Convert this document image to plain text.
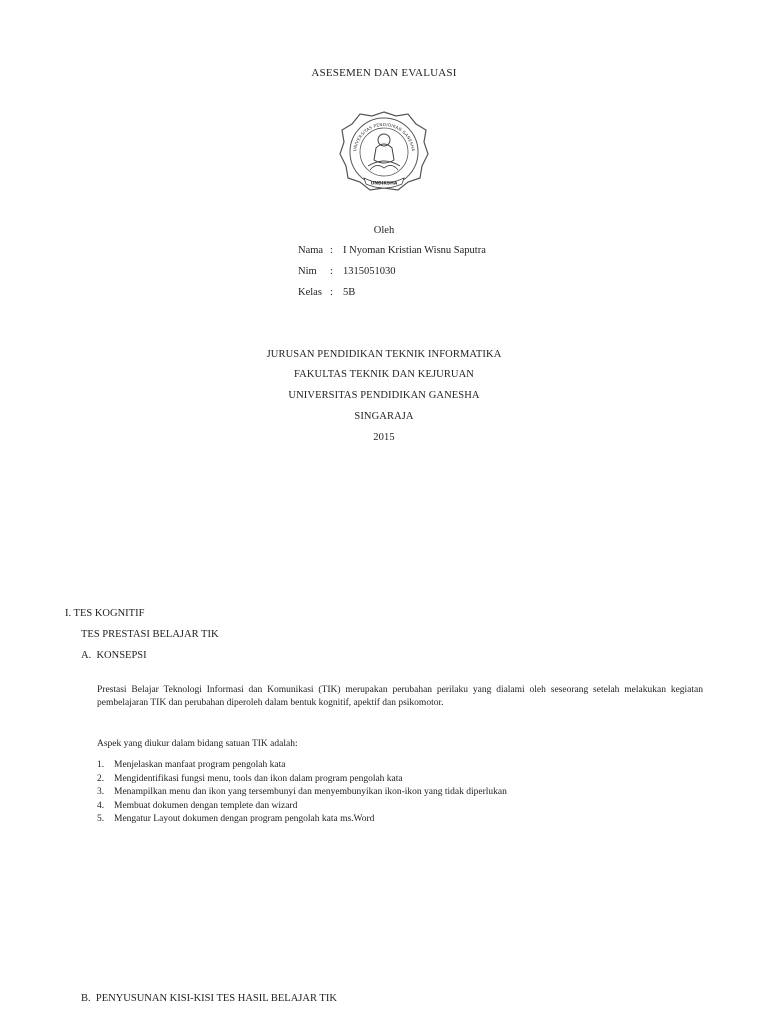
ASESEMEN DAN EVALUASI
UNIVERSITAS PENDIDIKAN GANESHA
UNDIKSHA
Oleh
Nama : I Nyoman Kristian Wisnu Saputra
Nim : 1315051030
Kelas : 5B
JURUSAN PENDIDIKAN TEKNIK INFORMATIKA
FAKULTAS TEKNIK DAN KEJURUAN
UNIVERSITAS PENDIDIKAN GANESHA
SINGARAJA
2015
I. TES KOGNITIF
TES PRESTASI BELAJAR TIK
A.  KONSEPSI
Prestasi Belajar Teknologi Informasi dan Komunikasi (TIK) merupakan perubahan perilaku yang dialami oleh seseorang setelah melakukan kegiatan pembelajaran TIK dan perubahan diperoleh dalam bentuk kognitif, apektif dan psikomotor.
Aspek yang diukur dalam bidang satuan TIK adalah:
1. Menjelaskan manfaat program pengolah kata
2. Mengidentifikasi fungsi menu, tools dan ikon dalam program pengolah kata
3. Menampilkan menu dan ikon yang tersembunyi dan menyembunyikan ikon-ikon yang tidak diperlukan
4. Membuat dokumen dengan templete dan wizard
5. Mengatur Layout dokumen dengan program pengolah kata ms.Word
B.  PENYUSUNAN KISI-KISI TES HASIL BELAJAR TIK
